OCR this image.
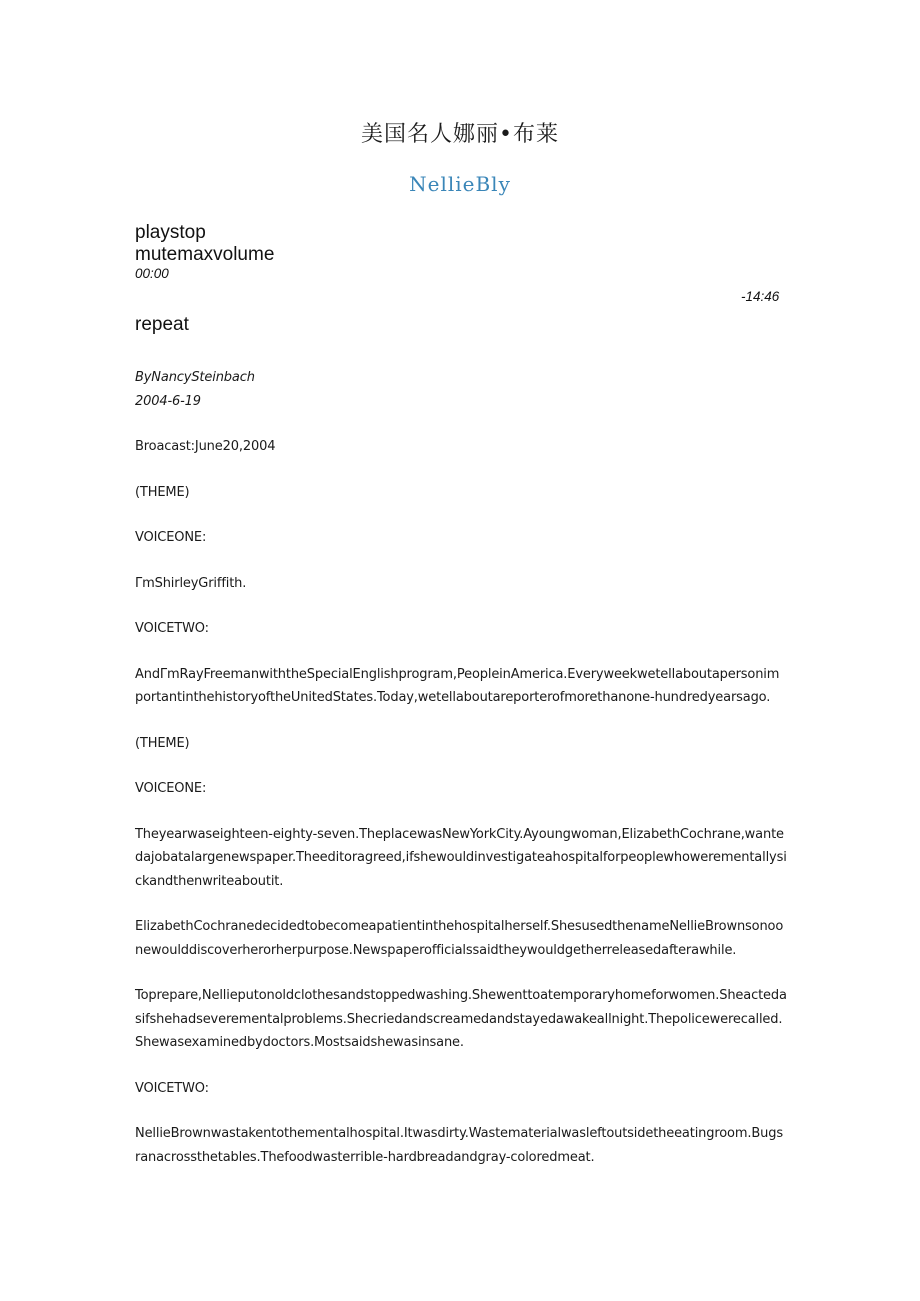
美国名人娜丽•布莱
NellieBly
playstop
mutemaxvolume
00:00
-14:46
repeat

ByNancySteinbach

2004-6-19

Broacast:June20,2004

(THEME)

VOICEONE:

ΓmShirleyGriffith.

VOICETWO:

AndΓmRayFreemanwiththeSpecialEnglishprogram,PeopleinAmerica.EveryweekwetellaboutapersonimportantinthehistoryoftheUnitedStates.Today,wetellaboutareporterofmorethanone-hundredyearsago.

(THEME)

VOICEONE:

Theyearwaseighteen-eighty-seven.TheplacewasNewYorkCity.Ayoungwoman,ElizabethCochrane,wantedajobatalargenewspaper.Theeditoragreed,ifshewouldinvestigateahospitalforpeoplewhowerementallysickandthenwriteaboutit.

ElizabethCochranedecidedtobecomeapatientinthehospitalherself.ShesusedthenameNellieBrownsonoonewoulddiscoverherorherpurpose.Newspaperofficialssaidtheywouldgetherreleasedafterawhile.

Toprepare,Nellieputonoldclothesandstoppedwashing.Shewenttoatemporaryhomeforwomen.Sheactedasifshehadseverementalproblems.Shecriedandscreamedandstayedawakeallnight.Thepolicewerecalled.Shewasexaminedbydoctors.Mostsaidshewasinsane.

VOICETWO:

NellieBrownwastakentothementalhospital.Itwasdirty.Wastematerialwasleftoutsidetheeatingroom.Bugsranacrossthetables.Thefoodwasterrible-hardbreadandgray-coloredmeat.
